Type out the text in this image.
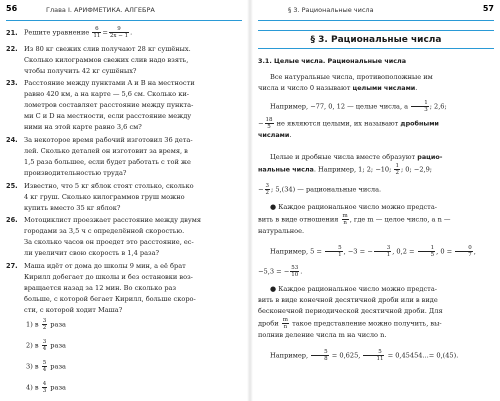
56	Глава I. АРИФМЕТИКА. АЛГЕБРА
21. Решите уравнение $\frac{6}{11} = \frac{9}{2x - 1}$ .
22. Из 80 кг свежих слив получают 28 кг сушёных.
Сколько килограммов свежих слив надо взять,
чтобы получить 42 кг сушёных?
23. Расстояние между пунктами A и B на местности
равно 420 км, а на карте — 5,6 см. Сколько ки-
лометров составляет расстояние между пункта-
ми C и D на местности, если расстояние между
ними на этой карте равно 3,6 см?
24. За некоторое время рабочий изготовил 36 дета-
лей. Сколько деталей он изготовит за время, в
1,5 раза большее, если будет работать с той же
производительностью труда?
25. Известно, что 5 кг яблок стоят столько, сколько
4 кг груш. Сколько килограммов груш можно
купить вместо 35 кг яблок?
26. Мотоциклист проезжает расстояние между двумя
городами за 3,5 ч с определённой скоростью.
За сколько часов он проедет это расстояние, ес-
ли увеличит свою скорость в 1,4 раза?
27. Маша идёт от дома до школы 9 мин, а её брат
Кирилл добегает до школы и без остановки воз-
вращается назад за 12 мин. Во сколько раз
больше, с которой бегает Кирилл, больше скоро-
сти, с которой ходит Маша?
1) в $\frac{3}{2}$ раза
2) в $\frac{3}{4}$ раза
3) в $\frac{5}{4}$ раза
4) в $\frac{4}{3}$ раза
§ 3. Рациональные числа	57
§ 3. Рациональные числа
3.1. Целые числа. Рациональные числа
Все натуральные числа, противоположные им
числа и число 0 называют целыми числами.
Например, −77, 0, 12 — целые числа, а $\frac{1}{3}$ ; 2,6;
− $\frac{18}{5}$ не являются целыми, их называют дробными
числами.
Целые и дробные числа вместе образуют рацио-
нальные числа. Например, 1; 2; −10; $\frac{1}{2}$ ; 0; −2,9;
− $\frac{3}{2}$ ; 5,(34) — рациональные числа.
● Каждое рациональное число можно предста-
вить в виде отношения $\frac{m}{n}$ , где m — целое число, а n —
натуральное.
Например, $5 = \frac{5}{1}$ , −3 = − $\frac{3}{1}$ , $0,2 = \frac{1}{5}$ , $0 = \frac{0}{7}$ ,
−5,3 = − $\frac{53}{10}$ .
● Каждое рациональное число можно предста-
вить в виде конечной десятичной дроби или в виде
бесконечной периодической десятичной дроби. Для
дроби $\frac{m}{n}$ такое представление можно получить, вы-
полнив деление числа m на число n.
Например, $\frac{5}{8} = 0,625$, $\frac{5}{11} = 0,45454...= 0,(45)$.
